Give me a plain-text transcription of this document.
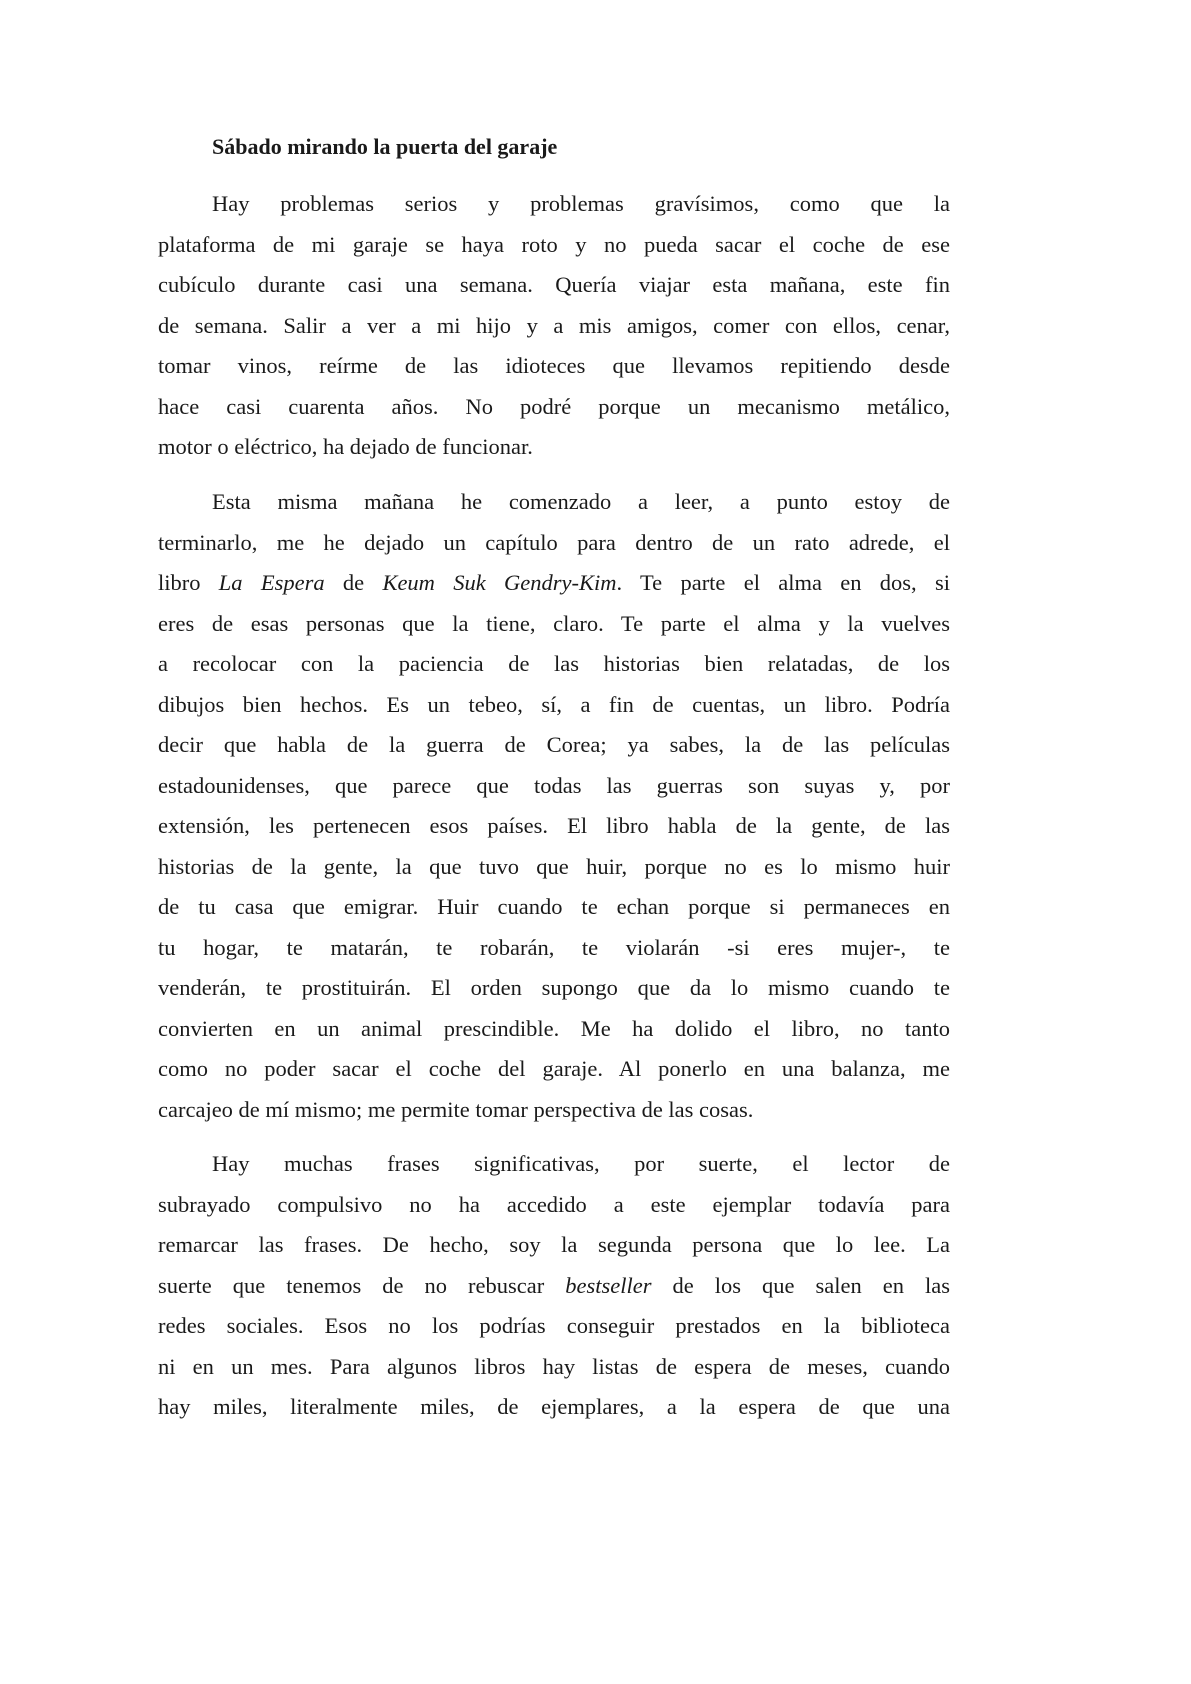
Sábado mirando la puerta del garaje
Hay problemas serios y problemas gravísimos, como que la
plataforma de mi garaje se haya roto y no pueda sacar el coche de ese
cubículo durante casi una semana. Quería viajar esta mañana, este fin
de semana. Salir a ver a mi hijo y a mis amigos, comer con ellos, cenar,
tomar vinos, reírme de las idioteces que llevamos repitiendo desde
hace casi cuarenta años. No podré porque un mecanismo metálico,
motor o eléctrico, ha dejado de funcionar.
Esta misma mañana he comenzado a leer, a punto estoy de
terminarlo, me he dejado un capítulo para dentro de un rato adrede, el
libro La Espera de Keum Suk Gendry-Kim. Te parte el alma en dos, si
eres de esas personas que la tiene, claro. Te parte el alma y la vuelves
a recolocar con la paciencia de las historias bien relatadas, de los
dibujos bien hechos. Es un tebeo, sí, a fin de cuentas, un libro. Podría
decir que habla de la guerra de Corea; ya sabes, la de las películas
estadounidenses, que parece que todas las guerras son suyas y, por
extensión, les pertenecen esos países. El libro habla de la gente, de las
historias de la gente, la que tuvo que huir, porque no es lo mismo huir
de tu casa que emigrar. Huir cuando te echan porque si permaneces en
tu hogar, te matarán, te robarán, te violarán -si eres mujer-, te
venderán, te prostituirán. El orden supongo que da lo mismo cuando te
convierten en un animal prescindible. Me ha dolido el libro, no tanto
como no poder sacar el coche del garaje. Al ponerlo en una balanza, me
carcajeo de mí mismo; me permite tomar perspectiva de las cosas.
Hay muchas frases significativas, por suerte, el lector de
subrayado compulsivo no ha accedido a este ejemplar todavía para
remarcar las frases. De hecho, soy la segunda persona que lo lee. La
suerte que tenemos de no rebuscar bestseller de los que salen en las
redes sociales. Esos no los podrías conseguir prestados en la biblioteca
ni en un mes. Para algunos libros hay listas de espera de meses, cuando
hay miles, literalmente miles, de ejemplares, a la espera de que una
